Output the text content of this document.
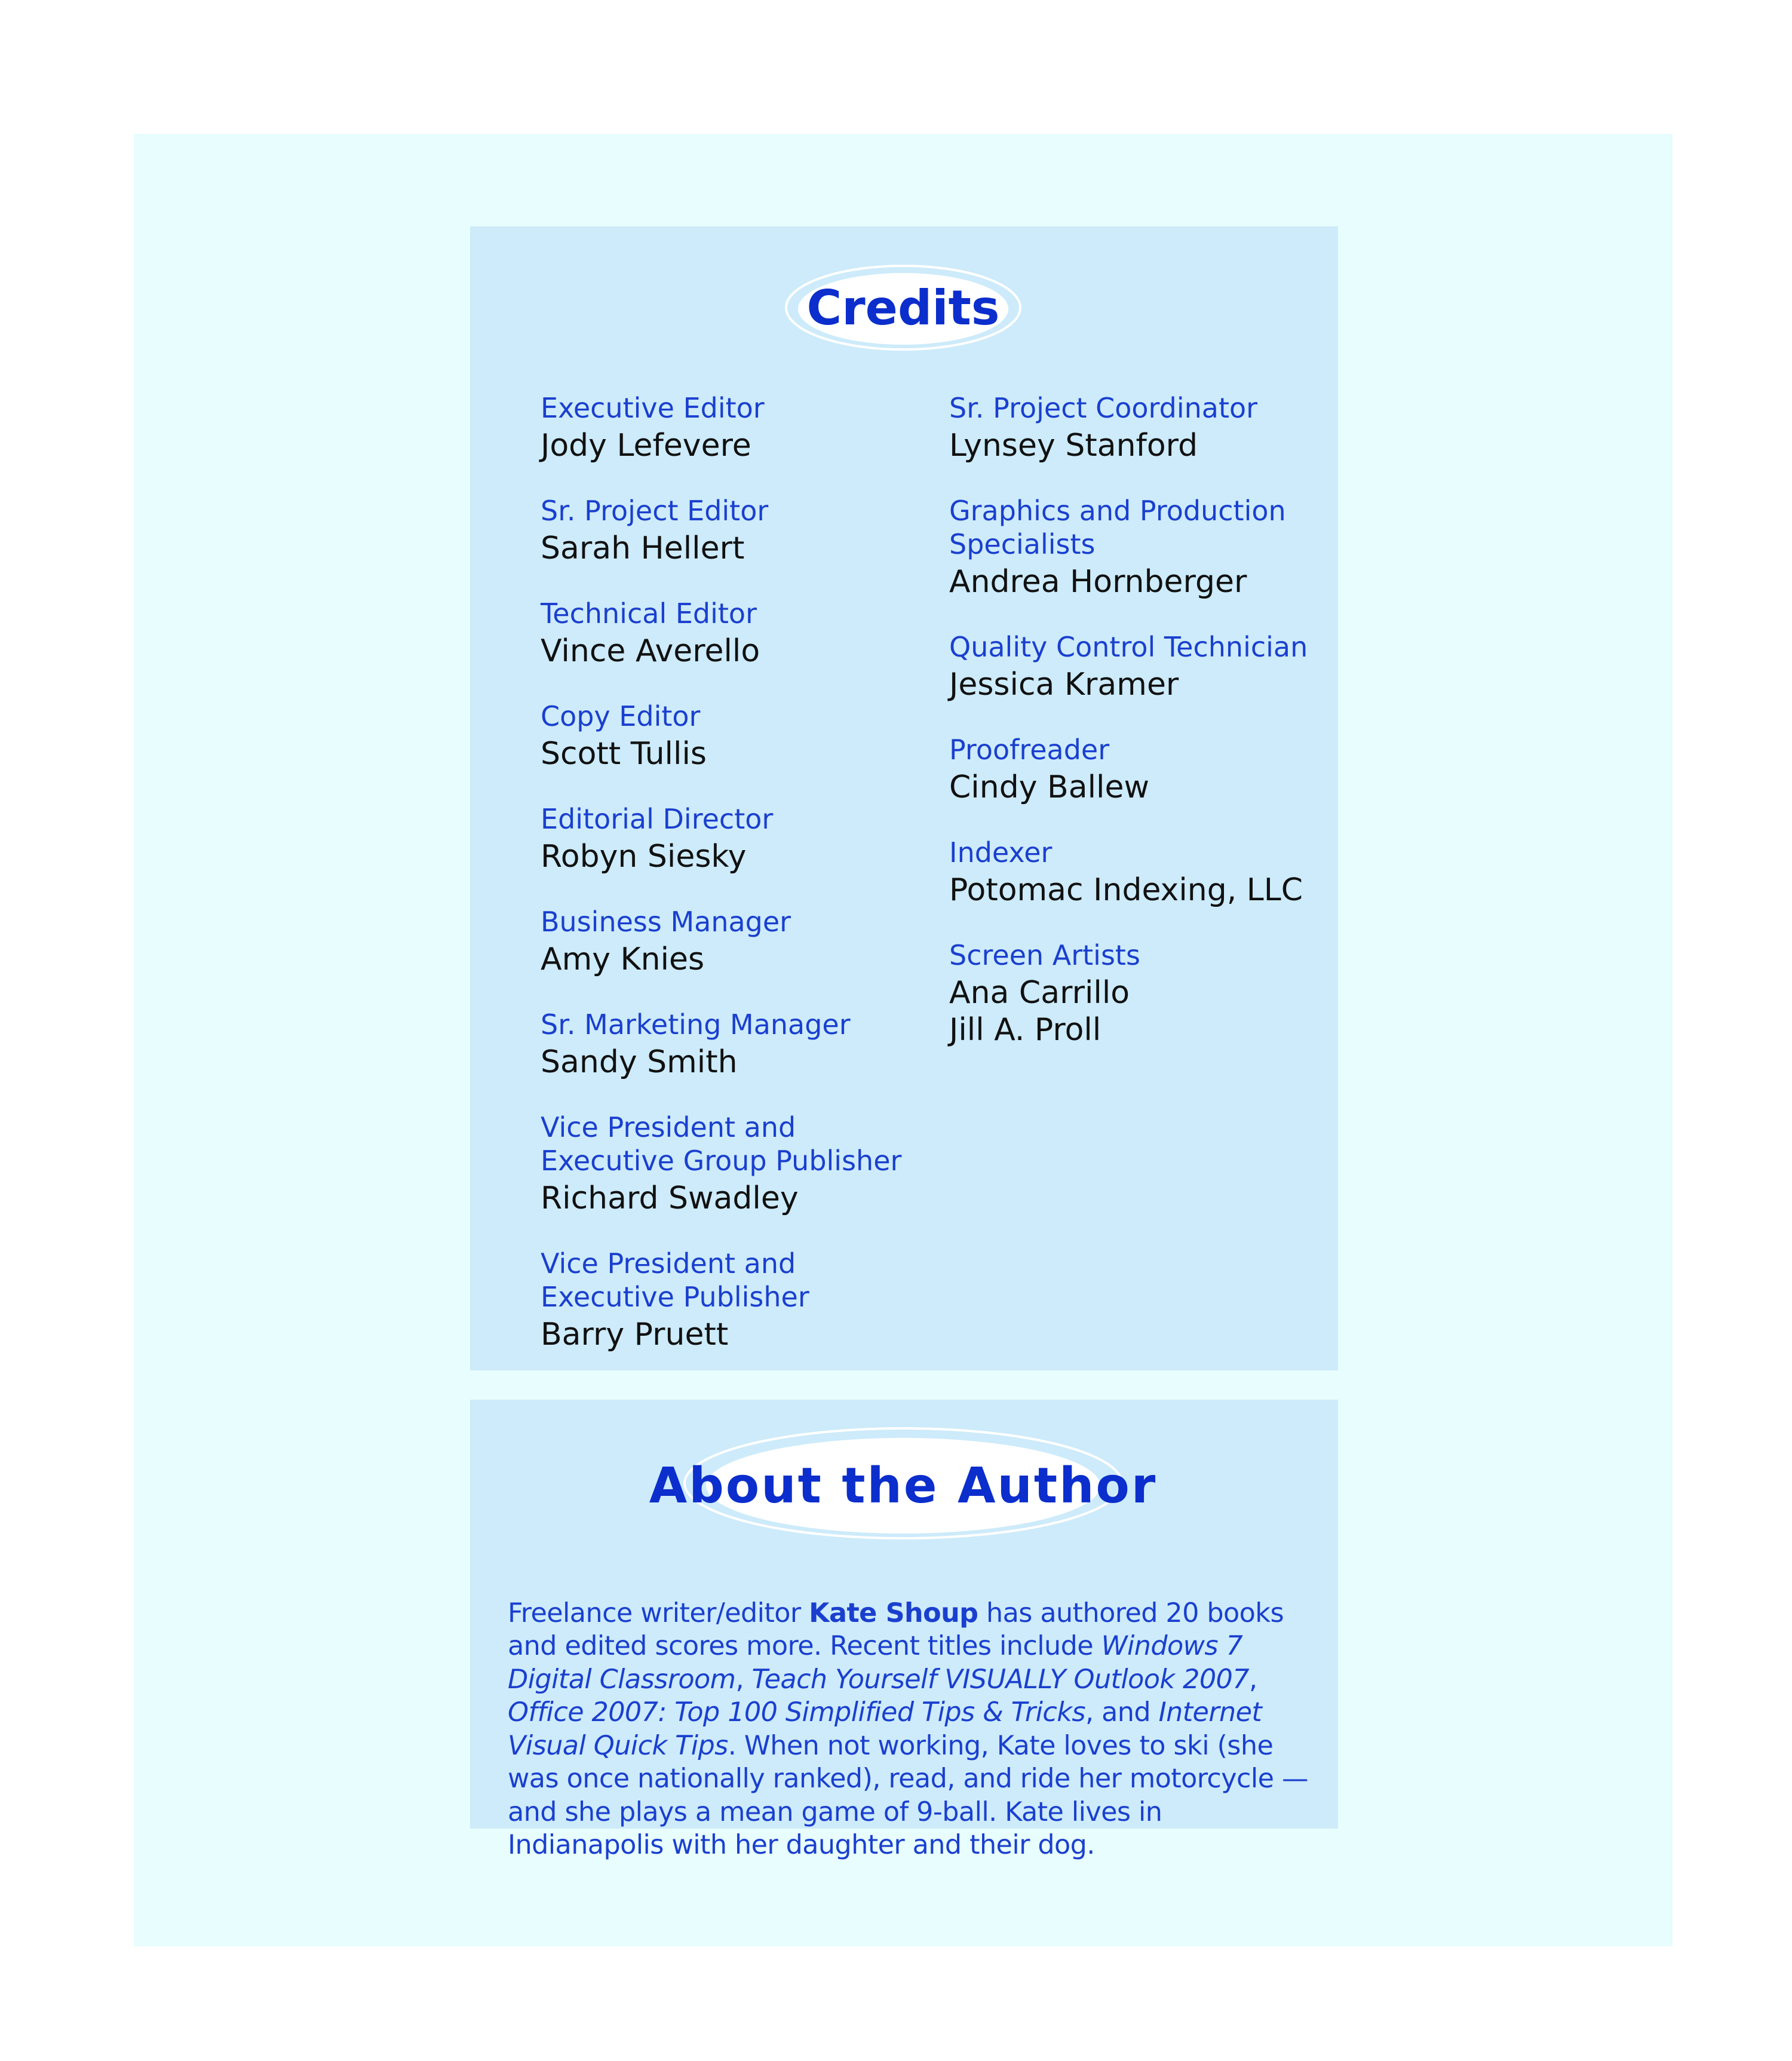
Credits
Executive Editor
Jody Lefevere
Sr. Project Editor
Sarah Hellert
Technical Editor
Vince Averello
Copy Editor
Scott Tullis
Editorial Director
Robyn Siesky
Business Manager
Amy Knies
Sr. Marketing Manager
Sandy Smith
Vice President and
Executive Group Publisher
Richard Swadley
Vice President and
Executive Publisher
Barry Pruett
Sr. Project Coordinator
Lynsey Stanford
Graphics and Production
Specialists
Andrea Hornberger
Quality Control Technician
Jessica Kramer
Proofreader
Cindy Ballew
Indexer
Potomac Indexing, LLC
Screen Artists
Ana Carrillo
Jill A. Proll
About the Author

Freelance writer/editor Kate Shoup has authored 20 books and edited scores more. Recent titles include Windows 7 Digital Classroom, Teach Yourself VISUALLY Outlook 2007, Office 2007: Top 100 Simplified Tips & Tricks, and Internet Visual Quick Tips. When not working, Kate loves to ski (she was once nationally ranked), read, and ride her motorcycle — and she plays a mean game of 9-ball. Kate lives in Indianapolis with her daughter and their dog.
